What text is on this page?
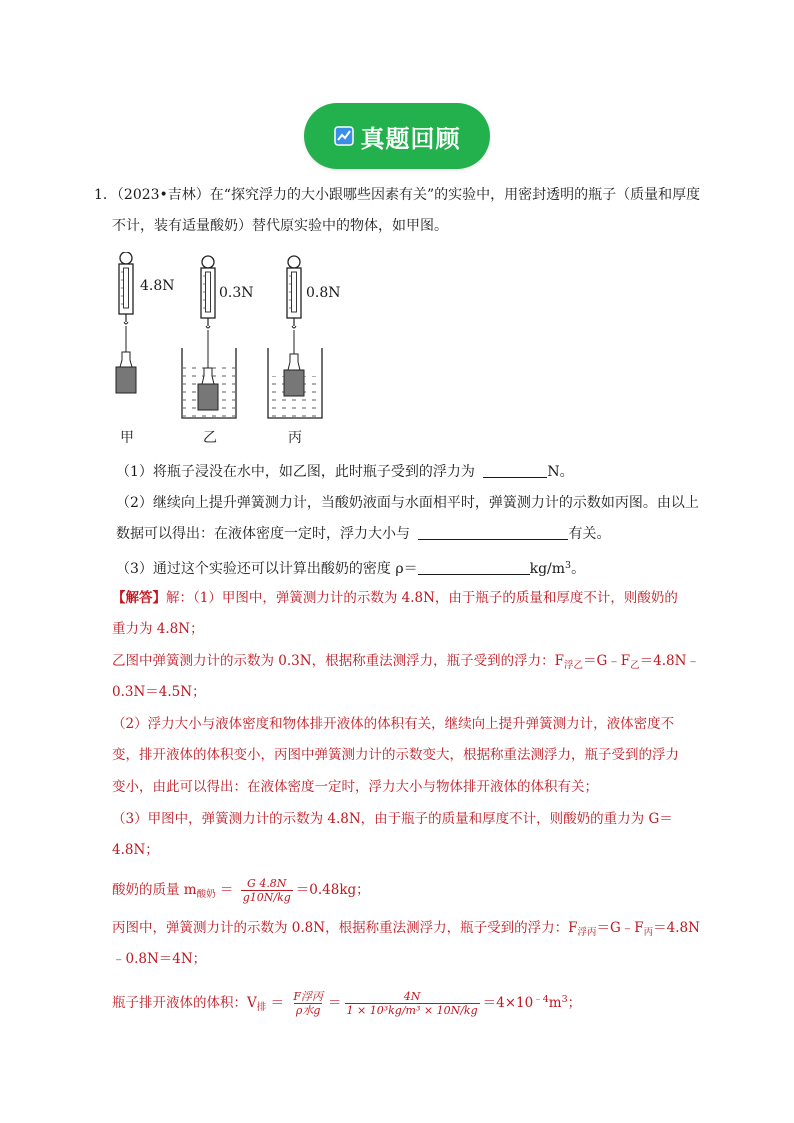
真题回顾
1．（2023•吉林）在“探究浮力的大小跟哪些因素有关”的实验中，用密封透明的瓶子（质量和厚度
不计，装有适量酸奶）替代原实验中的物体，如甲图。
4.8N	0.3N	0.8N
甲	乙	丙
（1）将瓶子浸没在水中，如乙图，此时瓶子受到的浮力为	N。
（2）继续向上提升弹簧测力计，当酸奶液面与水面相平时，弹簧测力计的示数如丙图。由以上
数据可以得出：在液体密度一定时，浮力大小与	有关。
（3）通过这个实验还可以计算出酸奶的密度 ρ＝	$kg/m^3$。
【解答】解：（1）甲图中，弹簧测力计的示数为 4.8N，由于瓶子的质量和厚度不计，则酸奶的
重力为 4.8N；
乙图中弹簧测力计的示数为 0.3N，根据称重法测浮力，瓶子受到的浮力：$F_{浮乙}=G﹣F_乙=4.8N﹣$
0.3N＝4.5N；
（2）浮力大小与液体密度和物体排开液体的体积有关，继续向上提升弹簧测力计，液体密度不
变，排开液体的体积变小，丙图中弹簧测力计的示数变大，根据称重法测浮力，瓶子受到的浮力
变小，由此可以得出：在液体密度一定时，浮力大小与物体排开液体的体积有关；
（3）甲图中，弹簧测力计的示数为 4.8N，由于瓶子的质量和厚度不计，则酸奶的重力为 G＝
4.8N；
酸奶的质量 $m_{酸奶} = \frac{G 4.8N}{g10N/kg} =0.48kg$；
丙图中，弹簧测力计的示数为 0.8N，根据称重法测浮力，瓶子受到的浮力：$F_{浮丙}=G﹣F_丙=4.8N$
﹣0.8N＝4N；
瓶子排开液体的体积：$V_排 = \frac{\text{F浮丙}}{\text{ρ水g}} = \frac{4N}{\text{1 × 10³kg/m³ × 10N/kg}} =4\times 10^{﹣4}m^3$；
